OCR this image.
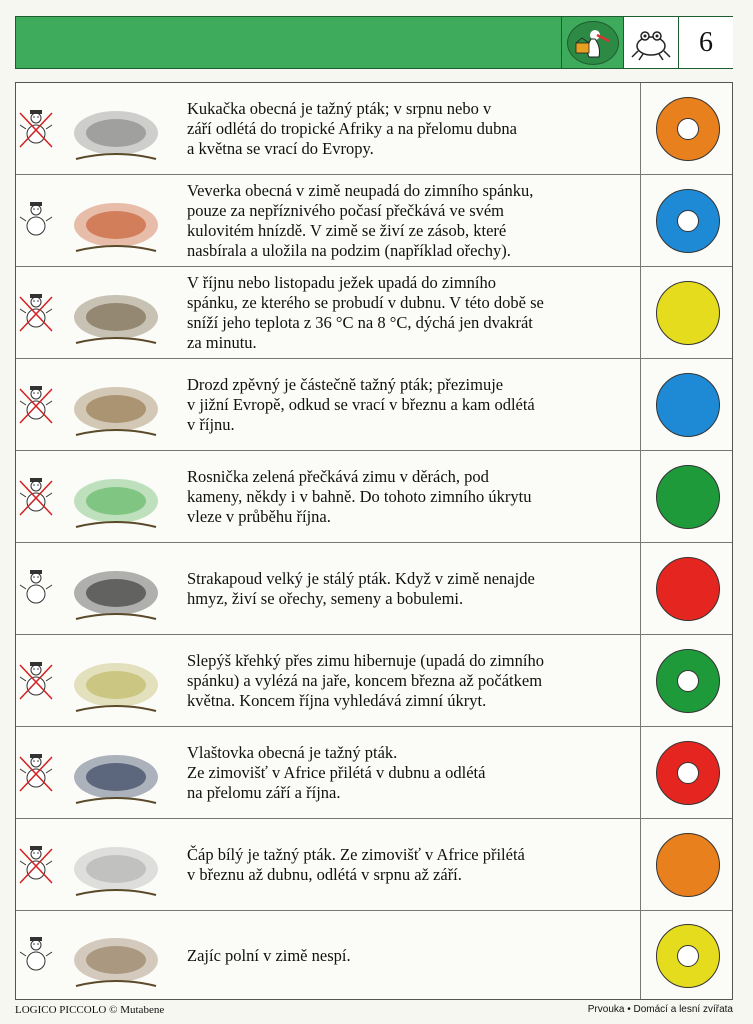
6
Kukačka obecná je tažný pták; v srpnu nebo v
září odlétá do tropické Afriky a na přelomu dubna
a května se vrací do Evropy.
Veverka obecná v zimě neupadá do zimního spánku,
pouze za nepříznivého počasí přečkává ve svém
kulovitém hnízdě. V zimě se živí ze zásob, které
nasbírala a uložila na podzim (například ořechy).
V říjnu nebo listopadu ježek upadá do zimního
spánku, ze kterého se probudí v dubnu. V této době se
sníží jeho teplota z 36 °C na 8 °C, dýchá jen dvakrát
za minutu.
Drozd zpěvný je částečně tažný pták; přezimuje
v jižní Evropě, odkud se vrací v březnu a kam odlétá
v říjnu.
Rosnička zelená přečkává zimu v děrách, pod
kameny, někdy i v bahně. Do tohoto zimního úkrytu
vleze v průběhu října.
Strakapoud velký je stálý pták. Když v zimě nenajde
hmyz, živí se ořechy, semeny a bobulemi.
Slepýš křehký přes zimu hibernuje (upadá do zimního
spánku) a vylézá na jaře, koncem března až počátkem
května. Koncem října vyhledává zimní úkryt.
Vlaštovka obecná je tažný pták.
Ze zimovišť v Africe přilétá v dubnu a odlétá
na přelomu září a října.
Čáp bílý je tažný pták. Ze zimovišť v Africe přilétá
v březnu až dubnu, odlétá v srpnu až září.
Zajíc polní v zimě nespí.
LOGICO PICCOLO © Mutabene	Prvouka • Domácí a lesní zvířata
